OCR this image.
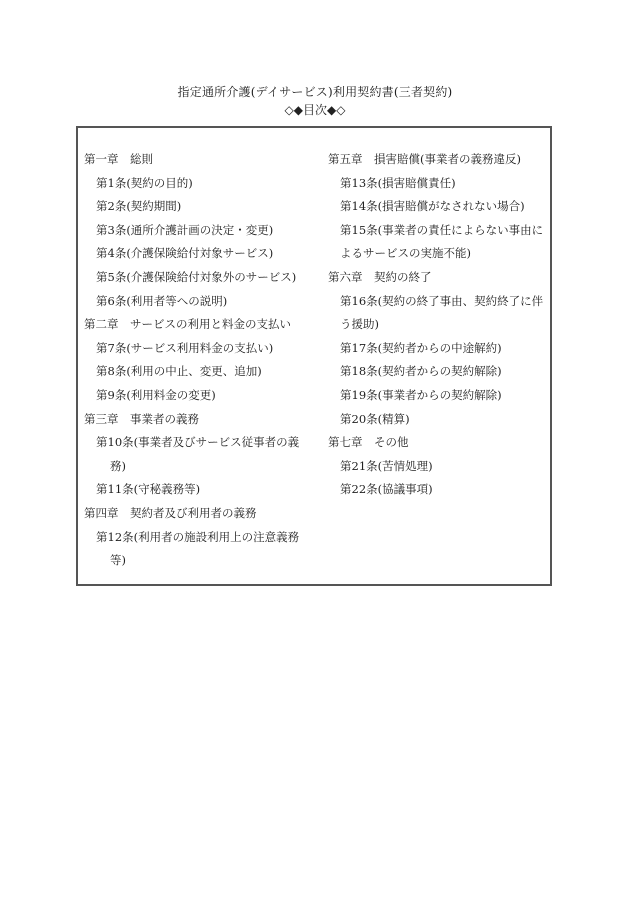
指定通所介護(デイサービス)利用契約書(三者契約)
◇◆目次◆◇
第一章　総則
第1条(契約の目的)
第2条(契約期間)
第3条(通所介護計画の決定・変更)
第4条(介護保険給付対象サービス)
第5条(介護保険給付対象外のサービス)
第6条(利用者等への説明)
第二章　サービスの利用と料金の支払い
第7条(サービス利用料金の支払い)
第8条(利用の中止、変更、追加)
第9条(利用料金の変更)
第三章　事業者の義務
第10条(事業者及びサービス従事者の義
務)
第11条(守秘義務等)
第四章　契約者及び利用者の義務
第12条(利用者の施設利用上の注意義務
等)
第五章　損害賠償(事業者の義務違反)
第13条(損害賠償責任)
第14条(損害賠償がなされない場合)
第15条(事業者の責任によらない事由に
よるサービスの実施不能)
第六章　契約の終了
第16条(契約の終了事由、契約終了に伴
う援助)
第17条(契約者からの中途解約)
第18条(契約者からの契約解除)
第19条(事業者からの契約解除)
第20条(精算)
第七章　その他
第21条(苦情処理)
第22条(協議事項)
